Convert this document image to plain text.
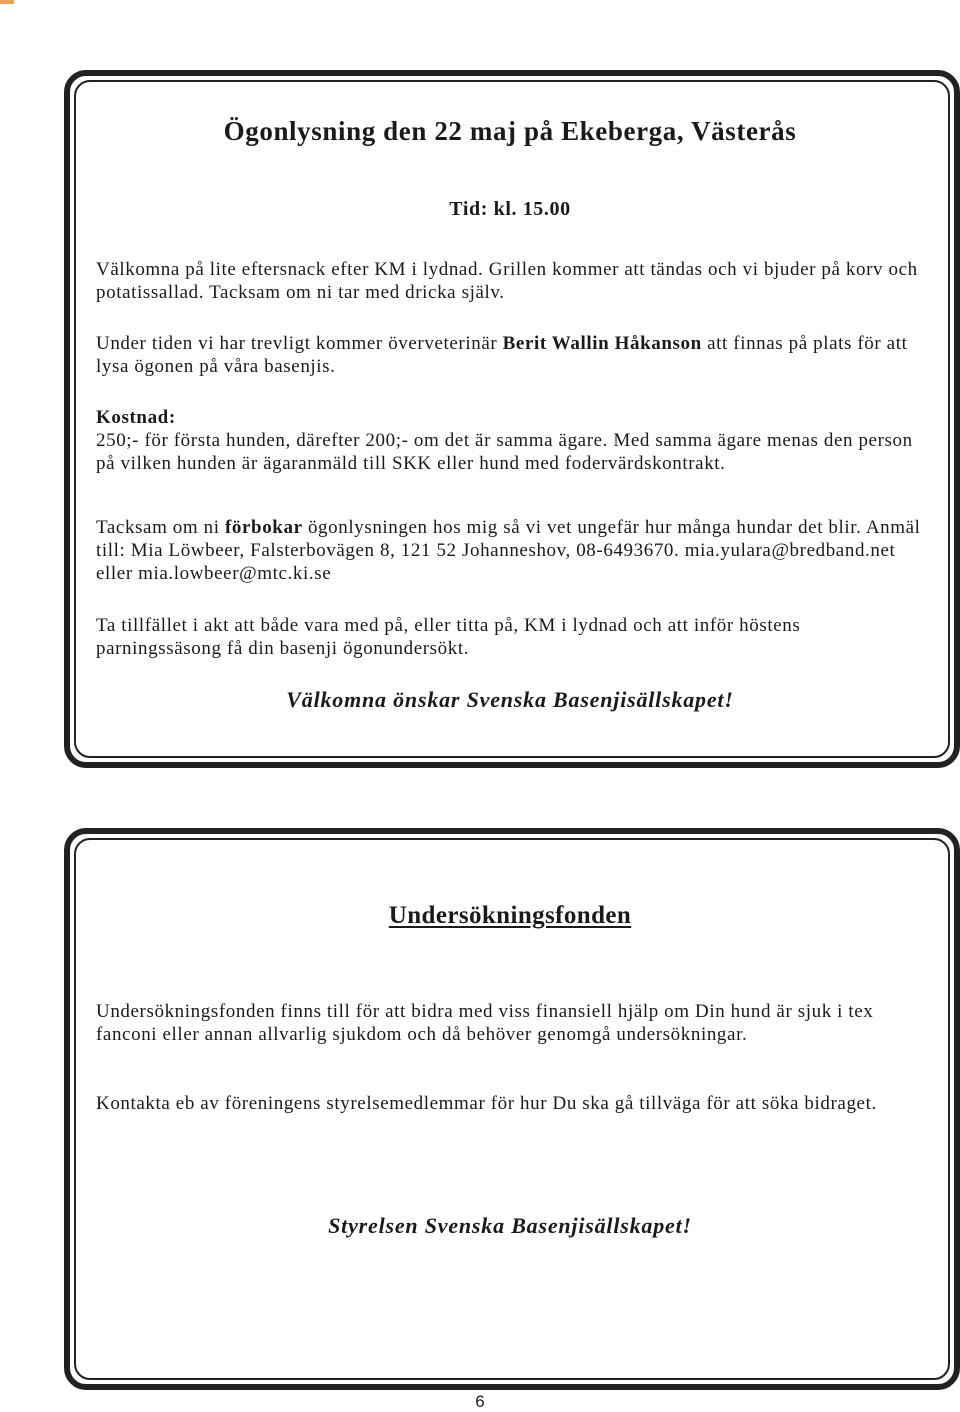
Ögonlysning den 22 maj på Ekeberga, Västerås

Tid: kl. 15.00

Välkomna på lite eftersnack efter KM i lydnad. Grillen kommer att tändas och vi bjuder på korv och potatissallad. Tacksam om ni tar med dricka själv.

Under tiden vi har trevligt kommer överveterinär Berit Wallin Håkanson att finnas på plats för att lysa ögonen på våra basenjis.

Kostnad:
250;- för första hunden, därefter 200;- om det är samma ägare. Med samma ägare menas den person på vilken hunden är ägaranmäld till SKK eller hund med fodervärdskontrakt.

Tacksam om ni förbokar ögonlysningen hos mig så vi vet ungefär hur många hundar det blir. Anmäl till: Mia Löwbeer, Falsterbovägen 8, 121 52 Johanneshov, 08-6493670. mia.yulara@bredband.net eller mia.lowbeer@mtc.ki.se

Ta tillfället i akt att både vara med på, eller titta på, KM i lydnad och att inför höstens parningssäsong få din basenji ögonundersökt.

Välkomna önskar Svenska Basenjisällskapet!

Undersökningsfonden

Undersökningsfonden finns till för att bidra med viss finansiell hjälp om Din hund är sjuk i tex fanconi eller annan allvarlig sjukdom och då behöver genomgå undersökningar.

Kontakta eb av föreningens styrelsemedlemmar för hur Du ska gå tillväga för att söka bidraget.

Styrelsen Svenska Basenjisällskapet!

6
